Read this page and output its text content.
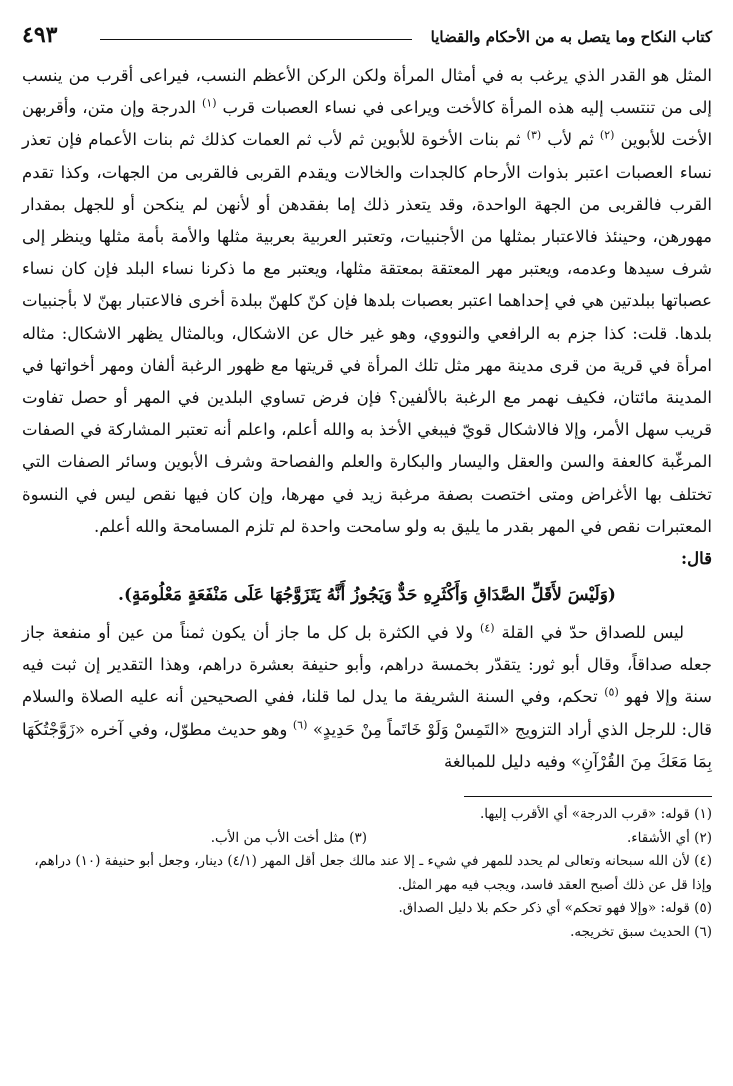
كتاب النكاح وما يتصل به من الأحكام والقضايا
٤٩٣

المثل هو القدر الذي يرغب به في أمثال المرأة ولكن الركن الأعظم النسب، فيراعى أقرب من ينسب إلى من تنتسب إليه هذه المرأة كالأخت ويراعى في نساء العصبات قرب $^{(١)}$ الدرجة وإن متن، وأقربهن الأخت للأبوين $^{(٢)}$ ثم لأب $^{(٣)}$ ثم بنات الأخوة للأبوين ثم لأب ثم العمات كذلك ثم بنات الأعمام فإن تعذر نساء العصبات اعتبر بذوات الأرحام كالجدات والخالات ويقدم القربى فالقربى من الجهات، وكذا تقدم القرب فالقربى من الجهة الواحدة، وقد يتعذر ذلك إما بفقدهن أو لأنهن لم ينكحن أو للجهل بمقدار مهورهن، وحينئذ فالاعتبار بمثلها من الأجنبيات، وتعتبر العربية بعربية مثلها والأمة بأمة مثلها وينظر إلى شرف سيدها وعدمه، ويعتبر مهر المعتقة بمعتقة مثلها، ويعتبر مع ما ذكرنا نساء البلد فإن كان نساء عصباتها ببلدتين هي في إحداهما اعتبر بعصبات بلدها فإن كنّ كلهنّ ببلدة أخرى فالاعتبار بهنّ لا بأجنبيات بلدها. قلت: كذا جزم به الرافعي والنووي، وهو غير خال عن الاشكال، وبالمثال يظهر الاشكال: مثاله امرأة في قرية من قرى مدينة مهر مثل تلك المرأة في قريتها مع ظهور الرغبة ألفان ومهر أخواتها في المدينة مائتان، فكيف نهمر مع الرغبة بالألفين؟ فإن فرض تساوي البلدين في المهر أو حصل تفاوت قريب سهل الأمر، وإلا فالاشكال قويّ فيبغي الأخذ به والله أعلم، واعلم أنه تعتبر المشاركة في الصفات المرغّبة كالعفة والسن والعقل واليسار والبكارة والعلم والفصاحة وشرف الأبوين وسائر الصفات التي تختلف بها الأغراض ومتى اختصت بصفة مرغبة زيد في مهرها، وإن كان فيها نقص ليس في النسوة المعتبرات نقص في المهر بقدر ما يليق به ولو سامحت واحدة لم تلزم المسامحة والله أعلم.

قال:
(وَلَيْسَ لأَقَلِّ الصَّدَاقِ وَأَكْثَرِهِ حَدٌّ وَيَجُوزُ أَنَّهُ يَتَزَوَّجُهَا عَلَى مَنْفَعَةٍ مَعْلُومَةٍ).

ليس للصداق حدّ في القلة $^{(٤)}$ ولا في الكثرة بل كل ما جاز أن يكون ثمناً من عين أو منفعة جاز جعله صداقاً، وقال أبو ثور: يتقدّر بخمسة دراهم، وأبو حنيفة بعشرة دراهم، وهذا التقدير إن ثبت فيه سنة وإلا فهو $^{(٥)}$ تحكم، وفي السنة الشريفة ما يدل لما قلنا، ففي الصحيحين أنه عليه الصلاة والسلام قال: للرجل الذي أراد التزويج «التَمِسْ وَلَوْ خَاتَماً مِنْ حَدِيدٍ» $^{(٦)}$ وهو حديث مطوّل، وفي آخره «زَوَّجْتُكَهَا بِمَا مَعَكَ مِنَ القُرْآنِ» وفيه دليل للمبالغة

(١) قوله: «قرب الدرجة» أي الأقرب إليها.

(٢) أي الأشقاء.
(٣) مثل أخت الأب من الأب.

(٤) لأن الله سبحانه وتعالى لم يحدد للمهر في شيء ـ إلا عند مالك جعل أقل المهر (٤/١) دينار، وجعل أبو حنيفة (١٠) دراهم، وإذا قل عن ذلك أصبح العقد فاسد، ويجب فيه مهر المثل.

(٥) قوله: «وإلا فهو تحكم» أي ذكر حكم بلا دليل الصداق.

(٦) الحديث سبق تخريجه.
